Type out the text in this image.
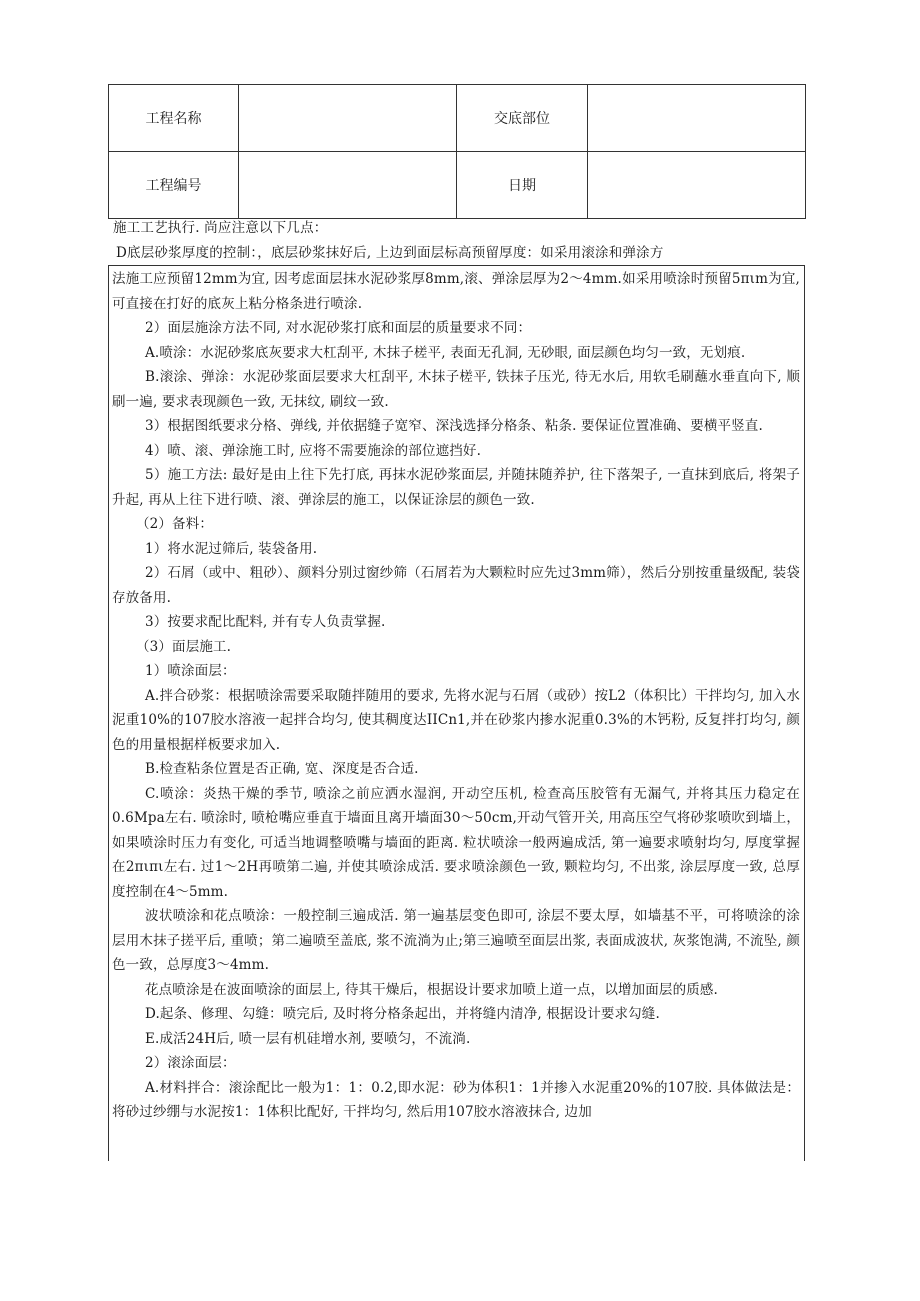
工程名称		交底部位	
工程编号		日期	
施工工艺执行. 尚应注意以下几点：
D底层砂浆厚度的控制：，底层砂浆抹好后, 上边到面层标高预留厚度：如采用滚涂和弹涂方

法施工应预留12mm为宜, 因考虑面层抹水泥砂浆厚8mm,滚、弹涂层厚为2～4mm.如采用喷涂时预留5πιm为宜, 可直接在打好的底灰上粘分格条进行喷涂.

2）面层施涂方法不同, 对水泥砂浆打底和面层的质量要求不同：

A.喷涂：水泥砂浆底灰要求大杠刮平, 木抹子槎平, 表面无孔洞, 无砂眼, 面层颜色均匀一致，无划痕.

B.滚涂、弹涂：水泥砂浆面层要求大杠刮平, 木抹子槎平, 铁抹子压光, 待无水后, 用软毛刷蘸水垂直向下, 顺刷一遍, 要求表现颜色一致, 无抹纹, 刷纹一致.

3）根据图纸要求分格、弹线, 并依据缝子宽窄、深浅选择分格条、粘条. 要保证位置准确、要横平竖直.

4）喷、滚、弹涂施工时, 应将不需要施涂的部位遮挡好.

5）施工方法: 最好是由上往下先打底, 再抹水泥砂浆面层, 并随抹随养护, 往下落架子, 一直抹到底后, 将架子升起, 再从上往下进行喷、滚、弹涂层的施工，以保证涂层的颜色一致.

（2）备料：

1）将水泥过筛后, 装袋备用.

2）石屑（或中、粗砂）、颜料分别过窗纱筛（石屑若为大颗粒时应先过3mm筛），然后分别按重量级配, 装袋存放备用.

3）按要求配比配料, 并有专人负责掌握.

（3）面层施工.

1）喷涂面层：

A.拌合砂浆：根据喷涂需要采取随拌随用的要求, 先将水泥与石屑（或砂）按L2（体积比）干拌均匀, 加入水泥重10%的107胶水溶液一起拌合均匀, 使其稠度达IICn1,并在砂浆内掺水泥重0.3%的木钙粉, 反复拌打均匀, 颜色的用量根据样板要求加入.

B.检查粘条位置是否正确, 宽、深度是否合适.

C.喷涂：炎热干燥的季节, 喷涂之前应洒水湿润, 开动空压机, 检查高压胶管有无漏气, 并将其压力稳定在0.6Mpa左右. 喷涂时, 喷枪嘴应垂直于墙面且离开墙面30～50cm,开动气管开关, 用高压空气将砂浆喷吹到墙上，如果喷涂时压力有变化, 可适当地调整喷嘴与墙面的距离. 粒状喷涂一般两遍成活, 第一遍要求喷射均匀, 厚度掌握在2πιπι左右. 过1～2H再喷第二遍, 并使其喷涂成活. 要求喷涂颜色一致, 颗粒均匀, 不出浆, 涂层厚度一致, 总厚度控制在4～5mm.

波状喷涂和花点喷涂：一般控制三遍成活. 第一遍基层变色即可, 涂层不要太厚，如墙基不平，可将喷涂的涂层用木抹子搓平后, 重喷；第二遍喷至盖底, 浆不流淌为止;第三遍喷至面层出浆, 表面成波状, 灰浆饱满, 不流坠, 颜色一致，总厚度3～4mm.

花点喷涂是在波面喷涂的面层上, 待其干燥后，根据设计要求加喷上道一点，以增加面层的质感.

D.起条、修理、勾缝：喷完后, 及时将分格条起出，并将缝内清净, 根据设计要求勾缝.

E.成活24H后, 喷一层有机硅增水剂, 要喷匀，不流淌.

2）滚涂面层：

A.材料拌合：滚涂配比一般为1：1：0.2,即水泥：砂为体积1：1并掺入水泥重20%的107胶. 具体做法是：将砂过纱绷与水泥按1：1体积比配好, 干拌均匀, 然后用107胶水溶液抹合, 边加
